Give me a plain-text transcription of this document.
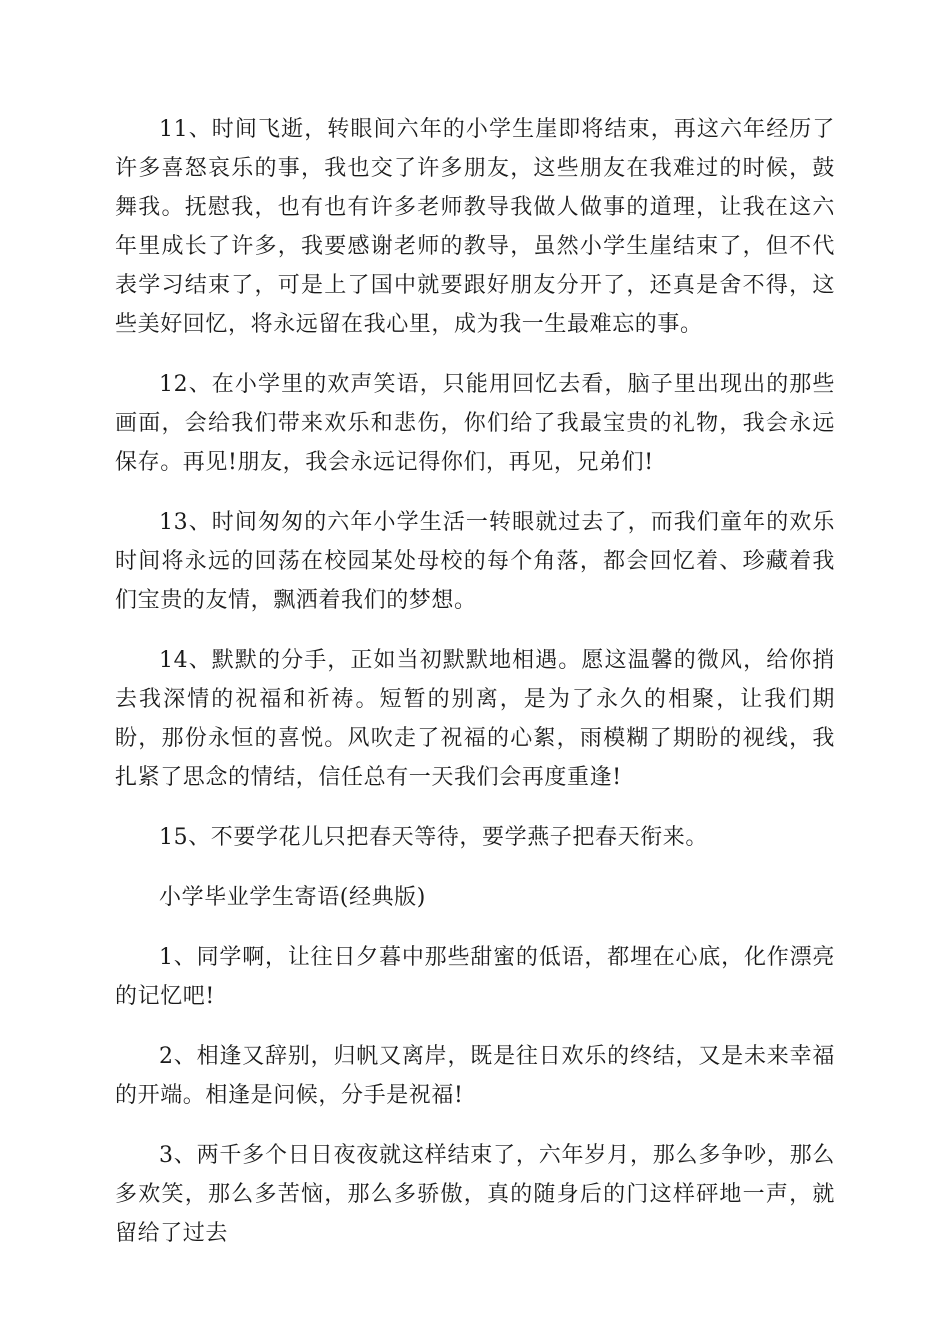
11、时间飞逝，转眼间六年的小学生崖即将结束，再这六年经历了许多喜怒哀乐的事，我也交了许多朋友，这些朋友在我难过的时候，鼓舞我。抚慰我，也有也有许多老师教导我做人做事的道理，让我在这六年里成长了许多，我要感谢老师的教导，虽然小学生崖结束了，但不代表学习结束了，可是上了国中就要跟好朋友分开了，还真是舍不得，这些美好回忆，将永远留在我心里，成为我一生最难忘的事。

12、在小学里的欢声笑语，只能用回忆去看，脑子里出现出的那些画面，会给我们带来欢乐和悲伤，你们给了我最宝贵的礼物，我会永远保存。再见!朋友，我会永远记得你们，再见，兄弟们!

13、时间匆匆的六年小学生活一转眼就过去了，而我们童年的欢乐时间将永远的回荡在校园某处母校的每个角落，都会回忆着、珍藏着我们宝贵的友情，飘洒着我们的梦想。

14、默默的分手，正如当初默默地相遇。愿这温馨的微风，给你捎去我深情的祝福和祈祷。短暂的别离，是为了永久的相聚，让我们期盼，那份永恒的喜悦。风吹走了祝福的心絮，雨模糊了期盼的视线，我扎紧了思念的情结，信任总有一天我们会再度重逢!

15、不要学花儿只把春天等待，要学燕子把春天衔来。

小学毕业学生寄语(经典版)

1、同学啊，让往日夕暮中那些甜蜜的低语，都埋在心底，化作漂亮的记忆吧!

2、相逢又辞别，归帆又离岸，既是往日欢乐的终结，又是未来幸福的开端。相逢是问候，分手是祝福!

3、两千多个日日夜夜就这样结束了，六年岁月，那么多争吵，那么多欢笑，那么多苦恼，那么多骄傲，真的随身后的门这样砰地一声，就留给了过去
